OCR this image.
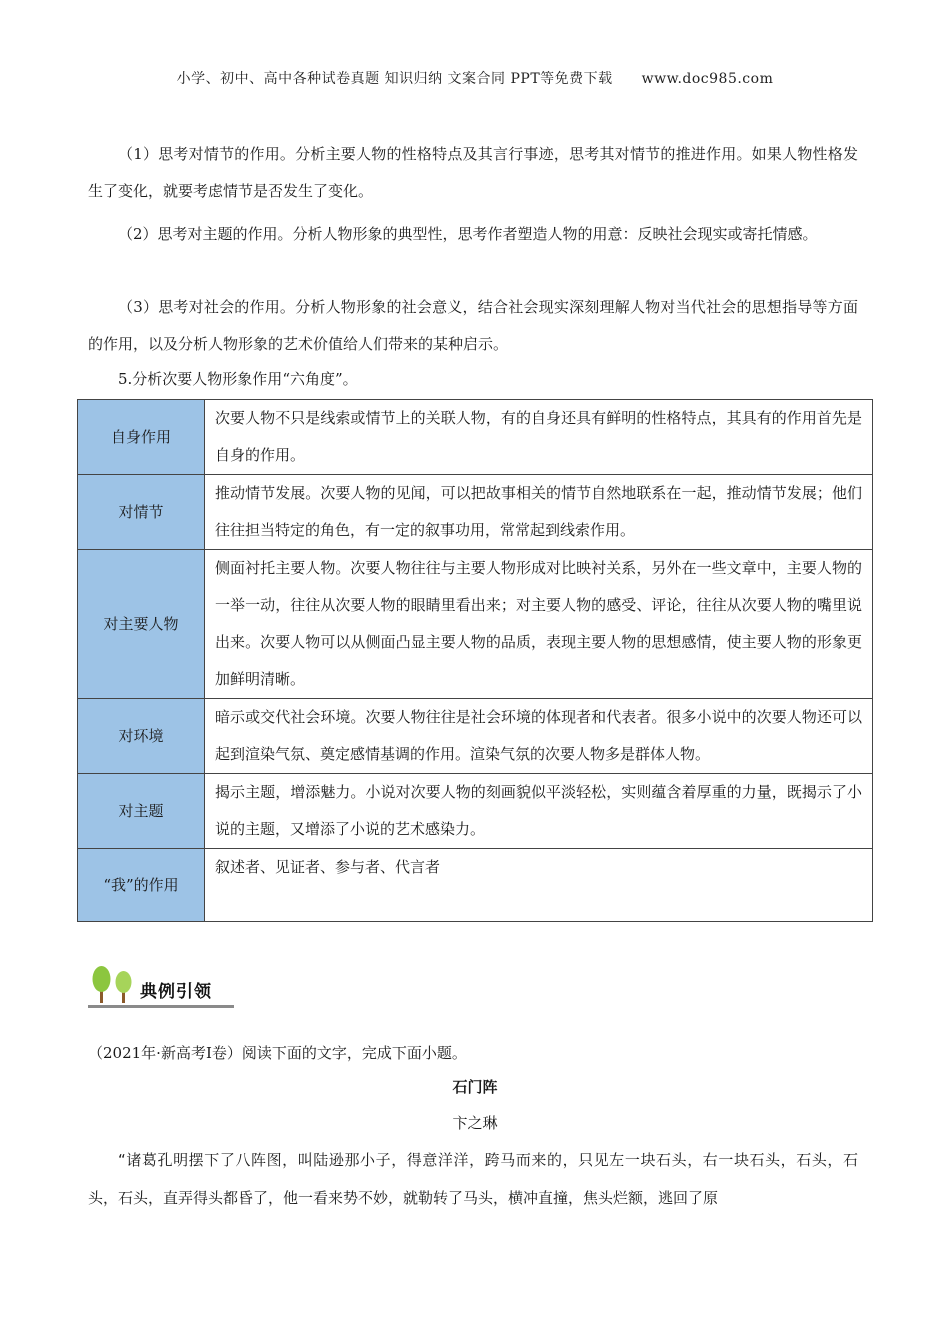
小学、初中、高中各种试卷真题 知识归纳 文案合同 PPT等免费下载　　www.doc985.com

（1）思考对情节的作用。分析主要人物的性格特点及其言行事迹，思考其对情节的推进作用。如果人物性格发生了变化，就要考虑情节是否发生了变化。

（2）思考对主题的作用。分析人物形象的典型性，思考作者塑造人物的用意：反映社会现实或寄托情感。

（3）思考对社会的作用。分析人物形象的社会意义，结合社会现实深刻理解人物对当代社会的思想指导等方面的作用，以及分析人物形象的艺术价值给人们带来的某种启示。

5.分析次要人物形象作用“六角度”。
自身作用	次要人物不只是线索或情节上的关联人物，有的自身还具有鲜明的性格特点，其具有的作用首先是自身的作用。
对情节	推动情节发展。次要人物的见闻，可以把故事相关的情节自然地联系在一起，推动情节发展；他们往往担当特定的角色，有一定的叙事功用，常常起到线索作用。
对主要人物	侧面衬托主要人物。次要人物往往与主要人物形成对比映衬关系，另外在一些文章中，主要人物的一举一动，往往从次要人物的眼睛里看出来；对主要人物的感受、评论，往往从次要人物的嘴里说出来。次要人物可以从侧面凸显主要人物的品质，表现主要人物的思想感情，使主要人物的形象更加鲜明清晰。
对环境	暗示或交代社会环境。次要人物往往是社会环境的体现者和代表者。很多小说中的次要人物还可以起到渲染气氛、奠定感情基调的作用。渲染气氛的次要人物多是群体人物。
对主题	揭示主题，增添魅力。小说对次要人物的刻画貌似平淡轻松，实则蕴含着厚重的力量，既揭示了小说的主题，又增添了小说的艺术感染力。
“我”的作用	叙述者、见证者、参与者、代言者
典例引领
（2021年·新高考Ⅰ卷）阅读下面的文字，完成下面小题。
石门阵
卞之琳

“诸葛孔明摆下了八阵图，叫陆逊那小子，得意洋洋，跨马而来的，只见左一块石头，右一块石头，石头，石头，石头，直弄得头都昏了，他一看来势不妙，就勒转了马头，横冲直撞，焦头烂额，逃回了原
